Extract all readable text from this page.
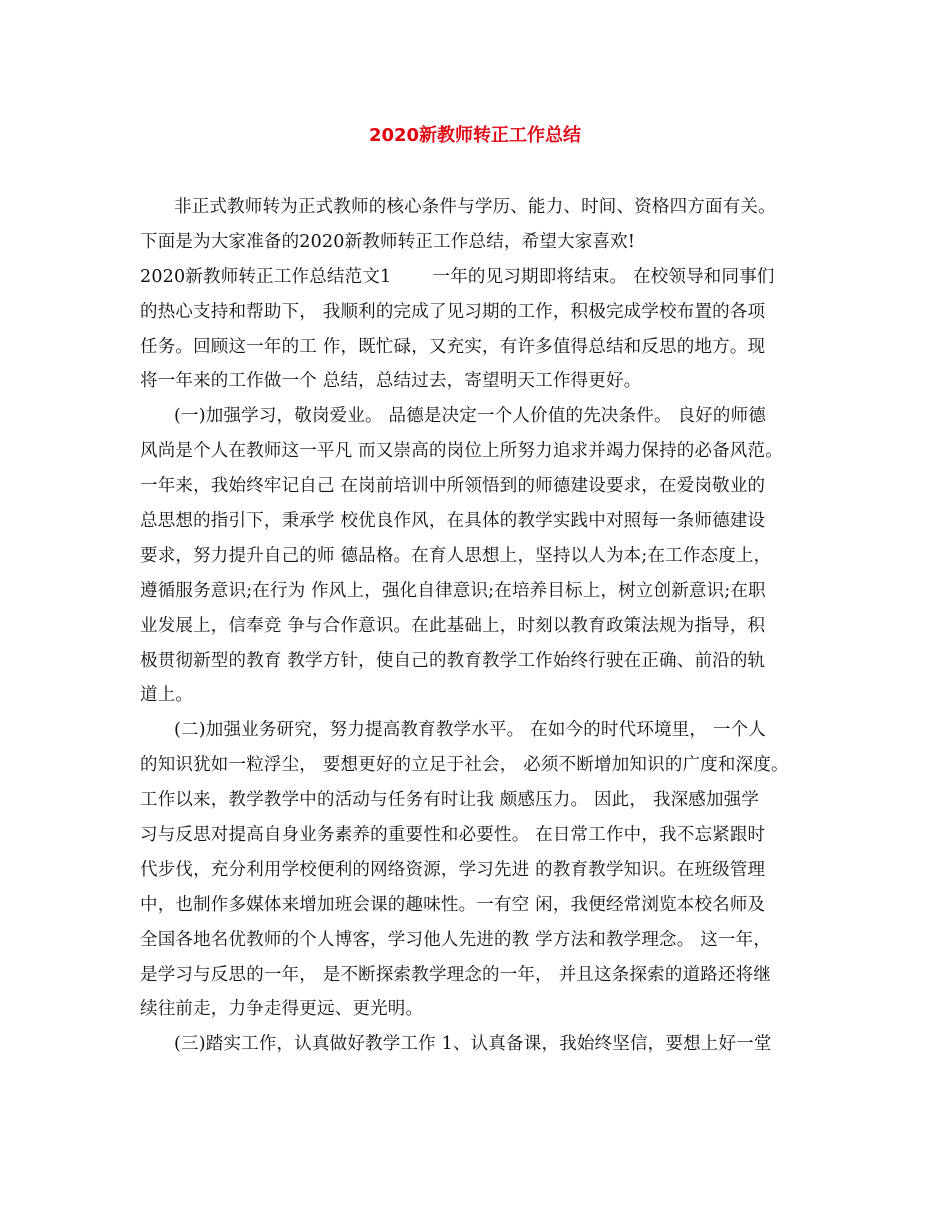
2020新教师转正工作总结
非正式教师转为正式教师的核心条件与学历、能力、时间、资格四方面有关。
下面是为大家准备的2020新教师转正工作总结，希望大家喜欢!
2020新教师转正工作总结范文1 　　一年的见习期即将结束。 在校领导和同事们
的热心支持和帮助下， 我顺利的完成了见习期的工作，积极完成学校布置的各项
任务。回顾这一年的工 作，既忙碌，又充实，有许多值得总结和反思的地方。现
将一年来的工作做一个 总结，总结过去，寄望明天工作得更好。
(一)加强学习，敬岗爱业。 品德是决定一个人价值的先决条件。 良好的师德
风尚是个人在教师这一平凡 而又崇高的岗位上所努力追求并竭力保持的必备风范。
一年来，我始终牢记自己 在岗前培训中所领悟到的师德建设要求，在爱岗敬业的
总思想的指引下，秉承学 校优良作风，在具体的教学实践中对照每一条师德建设
要求，努力提升自己的师 德品格。在育人思想上，坚持以人为本;在工作态度上，
遵循服务意识;在行为 作风上，强化自律意识;在培养目标上，树立创新意识;在职
业发展上，信奉竞 争与合作意识。在此基础上，时刻以教育政策法规为指导，积
极贯彻新型的教育 教学方针，使自己的教育教学工作始终行驶在正确、前沿的轨
道上。
(二)加强业务研究，努力提高教育教学水平。 在如今的时代环境里， 一个人
的知识犹如一粒浮尘， 要想更好的立足于社会， 必须不断增加知识的广度和深度。
工作以来，教学教学中的活动与任务有时让我 颇感压力。 因此， 我深感加强学
习与反思对提高自身业务素养的重要性和必要性。 在日常工作中，我不忘紧跟时
代步伐，充分利用学校便利的网络资源，学习先进 的教育教学知识。在班级管理
中，也制作多媒体来增加班会课的趣味性。一有空 闲，我便经常浏览本校名师及
全国各地名优教师的个人博客，学习他人先进的教 学方法和教学理念。 这一年，
是学习与反思的一年， 是不断探索教学理念的一年， 并且这条探索的道路还将继
续往前走，力争走得更远、更光明。
(三)踏实工作，认真做好教学工作 1、认真备课，我始终坚信，要想上好一堂
